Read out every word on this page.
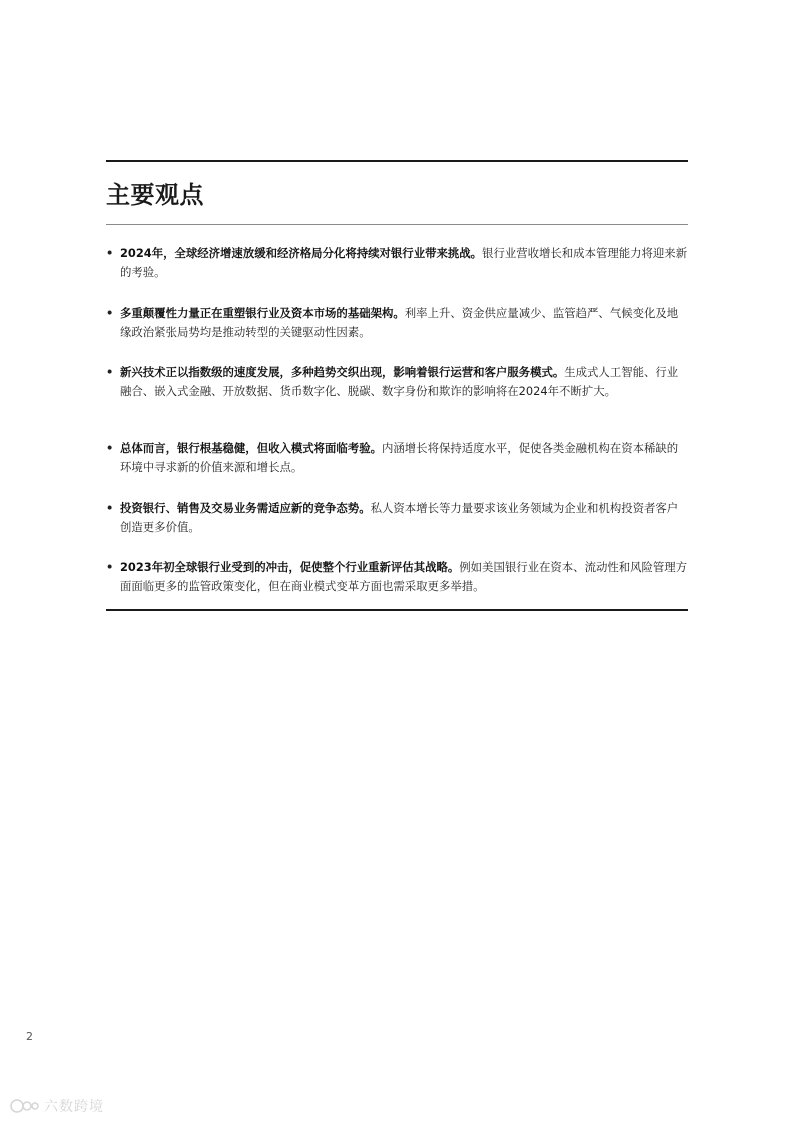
主要观点
• 2024年，全球经济增速放缓和经济格局分化将持续对银行业带来挑战。银行业营收增长和成本管理能力将迎来新的考验。
• 多重颠覆性力量正在重塑银行业及资本市场的基础架构。利率上升、资金供应量减少、监管趋严、气候变化及地缘政治紧张局势均是推动转型的关键驱动性因素。
• 新兴技术正以指数级的速度发展，多种趋势交织出现，影响着银行运营和客户服务模式。生成式人工智能、行业融合、嵌入式金融、开放数据、货币数字化、脱碳、数字身份和欺诈的影响将在2024年不断扩大。
• 总体而言，银行根基稳健，但收入模式将面临考验。内涵增长将保持适度水平，促使各类金融机构在资本稀缺的环境中寻求新的价值来源和增长点。
• 投资银行、销售及交易业务需适应新的竞争态势。私人资本增长等力量要求该业务领域为企业和机构投资者客户创造更多价值。
• 2023年初全球银行业受到的冲击，促使整个行业重新评估其战略。例如美国银行业在资本、流动性和风险管理方面面临更多的监管政策变化，但在商业模式变革方面也需采取更多举措。
2
六数跨境
